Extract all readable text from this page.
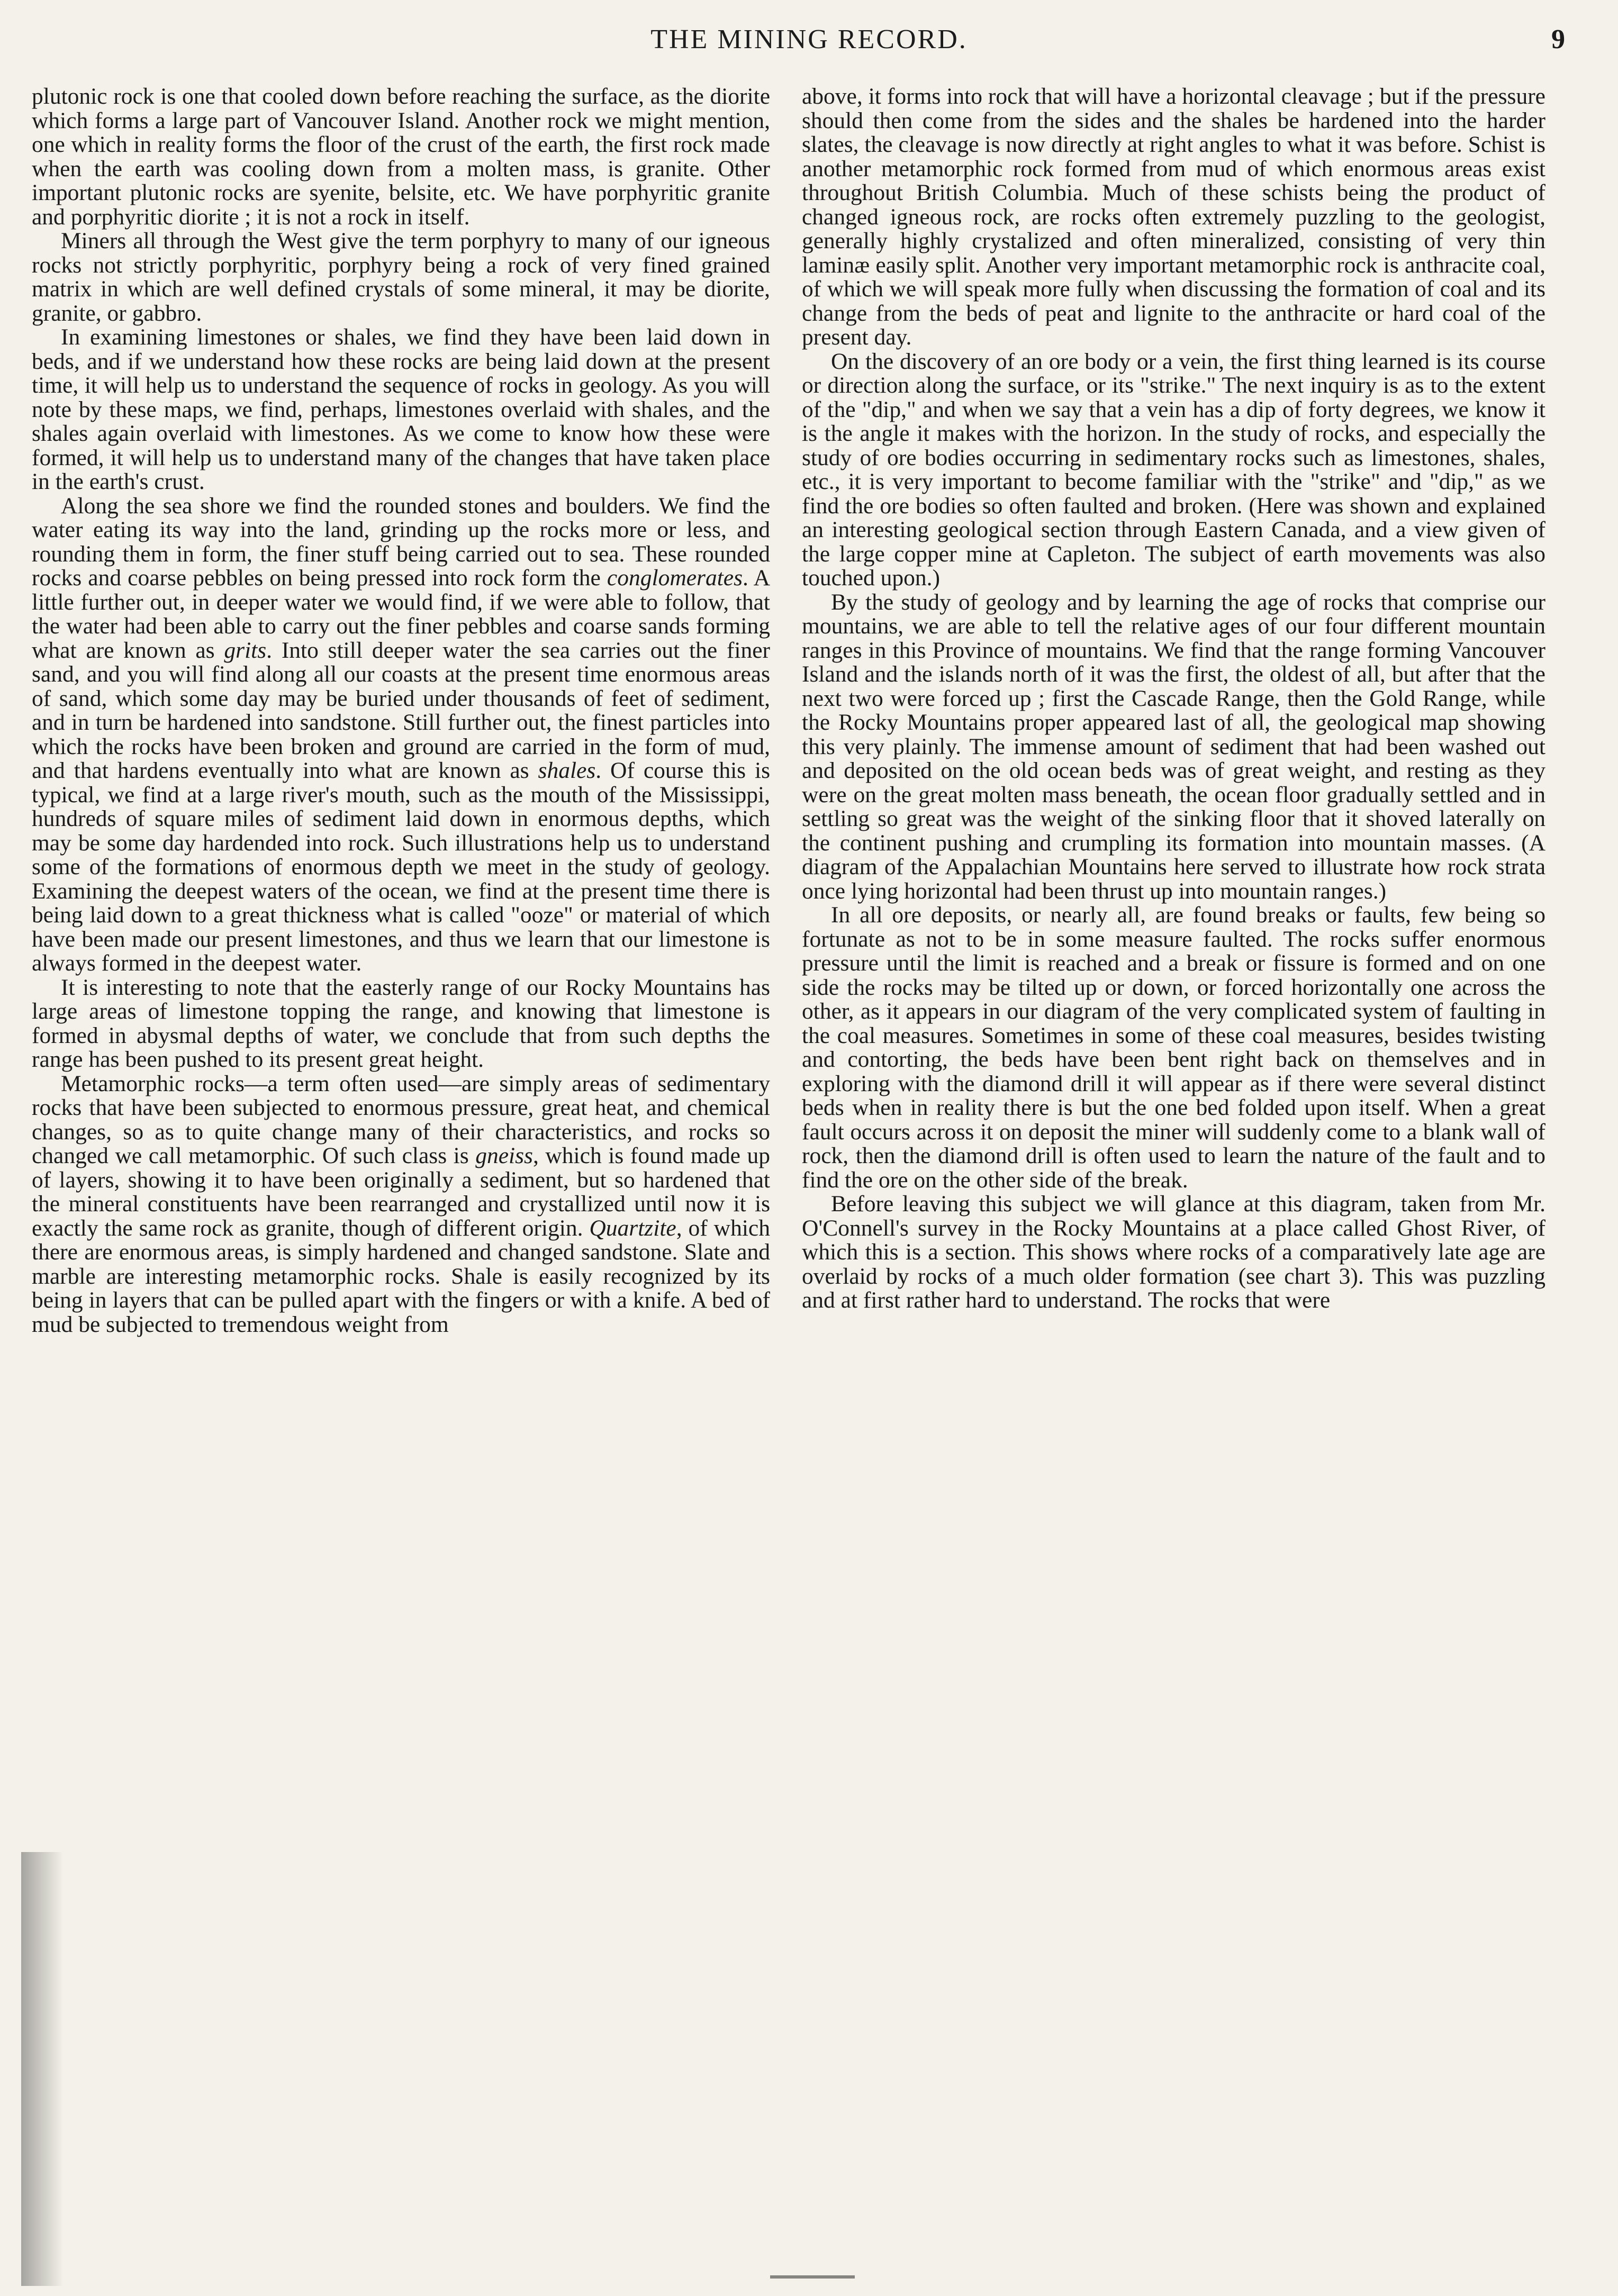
THE MINING RECORD.	9

plutonic rock is one that cooled down before reaching the surface, as the diorite which forms a large part of Vancouver Island. Another rock we might mention, one which in reality forms the floor of the crust of the earth, the first rock made when the earth was cooling down from a molten mass, is granite. Other important plutonic rocks are syenite, belsite, etc. We have porphyritic granite and porphyritic diorite ; it is not a rock in itself.

Miners all through the West give the term porphyry to many of our igneous rocks not strictly porphyritic, porphyry being a rock of very fined grained matrix in which are well defined crystals of some mineral, it may be diorite, granite, or gabbro.

In examining limestones or shales, we find they have been laid down in beds, and if we understand how these rocks are being laid down at the present time, it will help us to understand the sequence of rocks in geology. As you will note by these maps, we find, perhaps, limestones overlaid with shales, and the shales again overlaid with limestones. As we come to know how these were formed, it will help us to understand many of the changes that have taken place in the earth's crust.

Along the sea shore we find the rounded stones and boulders. We find the water eating its way into the land, grinding up the rocks more or less, and rounding them in form, the finer stuff being carried out to sea. These rounded rocks and coarse pebbles on being pressed into rock form the conglomerates. A little further out, in deeper water we would find, if we were able to follow, that the water had been able to carry out the finer pebbles and coarse sands forming what are known as grits. Into still deeper water the sea carries out the finer sand, and you will find along all our coasts at the present time enormous areas of sand, which some day may be buried under thousands of feet of sediment, and in turn be hardened into sandstone. Still further out, the finest particles into which the rocks have been broken and ground are carried in the form of mud, and that hardens eventually into what are known as shales. Of course this is typical, we find at a large river's mouth, such as the mouth of the Mississippi, hundreds of square miles of sediment laid down in enormous depths, which may be some day hardended into rock. Such illustrations help us to understand some of the formations of enormous depth we meet in the study of geology. Examining the deepest waters of the ocean, we find at the present time there is being laid down to a great thickness what is called "ooze" or material of which have been made our present limestones, and thus we learn that our limestone is always formed in the deepest water.

It is interesting to note that the easterly range of our Rocky Mountains has large areas of limestone topping the range, and knowing that limestone is formed in abysmal depths of water, we conclude that from such depths the range has been pushed to its present great height.

Metamorphic rocks—a term often used—are simply areas of sedimentary rocks that have been subjected to enormous pressure, great heat, and chemical changes, so as to quite change many of their characteristics, and rocks so changed we call metamorphic. Of such class is gneiss, which is found made up of layers, showing it to have been originally a sediment, but so hardened that the mineral constituents have been rearranged and crystallized until now it is exactly the same rock as granite, though of different origin. Quartzite, of which there are enormous areas, is simply hardened and changed sandstone. Slate and marble are interesting metamorphic rocks. Shale is easily recognized by its being in layers that can be pulled apart with the fingers or with a knife. A bed of mud be subjected to tremendous weight from

above, it forms into rock that will have a horizontal cleavage ; but if the pressure should then come from the sides and the shales be hardened into the harder slates, the cleavage is now directly at right angles to what it was before. Schist is another metamorphic rock formed from mud of which enormous areas exist throughout British Columbia. Much of these schists being the product of changed igneous rock, are rocks often extremely puzzling to the geologist, generally highly crystalized and often mineralized, consisting of very thin laminæ easily split. Another very important metamorphic rock is anthracite coal, of which we will speak more fully when discussing the formation of coal and its change from the beds of peat and lignite to the anthracite or hard coal of the present day.

On the discovery of an ore body or a vein, the first thing learned is its course or direction along the surface, or its "strike." The next inquiry is as to the extent of the "dip," and when we say that a vein has a dip of forty degrees, we know it is the angle it makes with the horizon. In the study of rocks, and especially the study of ore bodies occurring in sedimentary rocks such as limestones, shales, etc., it is very important to become familiar with the "strike" and "dip," as we find the ore bodies so often faulted and broken. (Here was shown and explained an interesting geological section through Eastern Canada, and a view given of the large copper mine at Capleton. The subject of earth movements was also touched upon.)

By the study of geology and by learning the age of rocks that comprise our mountains, we are able to tell the relative ages of our four different mountain ranges in this Province of mountains. We find that the range forming Vancouver Island and the islands north of it was the first, the oldest of all, but after that the next two were forced up ; first the Cascade Range, then the Gold Range, while the Rocky Mountains proper appeared last of all, the geological map showing this very plainly. The immense amount of sediment that had been washed out and deposited on the old ocean beds was of great weight, and resting as they were on the great molten mass beneath, the ocean floor gradually settled and in settling so great was the weight of the sinking floor that it shoved laterally on the continent pushing and crumpling its formation into mountain masses. (A diagram of the Appalachian Mountains here served to illustrate how rock strata once lying horizontal had been thrust up into mountain ranges.)

In all ore deposits, or nearly all, are found breaks or faults, few being so fortunate as not to be in some measure faulted. The rocks suffer enormous pressure until the limit is reached and a break or fissure is formed and on one side the rocks may be tilted up or down, or forced horizontally one across the other, as it appears in our diagram of the very complicated system of faulting in the coal measures. Sometimes in some of these coal measures, besides twisting and contorting, the beds have been bent right back on themselves and in exploring with the diamond drill it will appear as if there were several distinct beds when in reality there is but the one bed folded upon itself. When a great fault occurs across it on deposit the miner will suddenly come to a blank wall of rock, then the diamond drill is often used to learn the nature of the fault and to find the ore on the other side of the break.

Before leaving this subject we will glance at this diagram, taken from Mr. O'Connell's survey in the Rocky Mountains at a place called Ghost River, of which this is a section. This shows where rocks of a comparatively late age are overlaid by rocks of a much older formation (see chart 3). This was puzzling and at first rather hard to understand. The rocks that were
